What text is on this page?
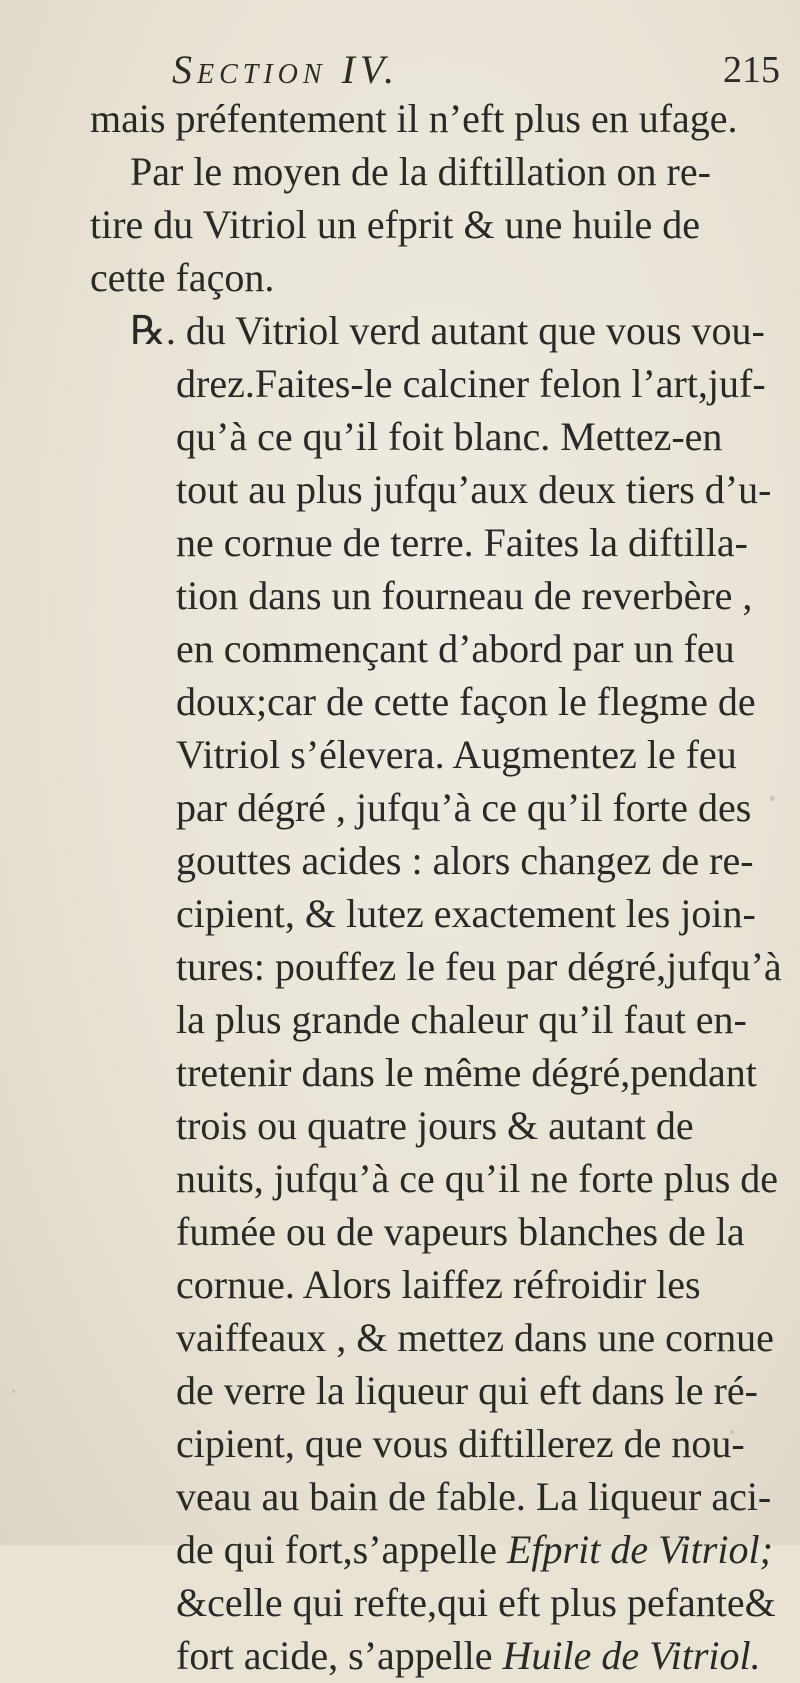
Section IV.	215
mais préfentement il n’eft plus en ufage.
Par le moyen de la diftillation on re-
tire du Vitriol un efprit & une huile de
cette façon.
℞. du Vitriol verd autant que vous vou-
drez.Faites-le calciner felon l’art,juf-
qu’à ce qu’il foit blanc. Mettez-en
tout au plus jufqu’aux deux tiers d’u-
ne cornue de terre. Faites la diftilla-
tion dans un fourneau de reverbère ,
en commençant d’abord par un feu
doux;car de cette façon le flegme de
Vitriol s’élevera. Augmentez le feu
par dégré , jufqu’à ce qu’il forte des
gouttes acides : alors changez de re-
cipient, & lutez exactement les join-
tures: pouffez le feu par dégré,jufqu’à
la plus grande chaleur qu’il faut en-
tretenir dans le même dégré,pendant
trois ou quatre jours & autant de
nuits, jufqu’à ce qu’il ne forte plus de
fumée ou de vapeurs blanches de la
cornue. Alors laiffez réfroidir les
vaiffeaux , & mettez dans une cornue
de verre la liqueur qui eft dans le ré-
cipient, que vous diftillerez de nou-
veau au bain de fable. La liqueur aci-
de qui fort,s’appelle Efprit de Vitriol;
&celle qui refte,qui eft plus pefante&
fort acide, s’appelle Huile de Vitriol.
